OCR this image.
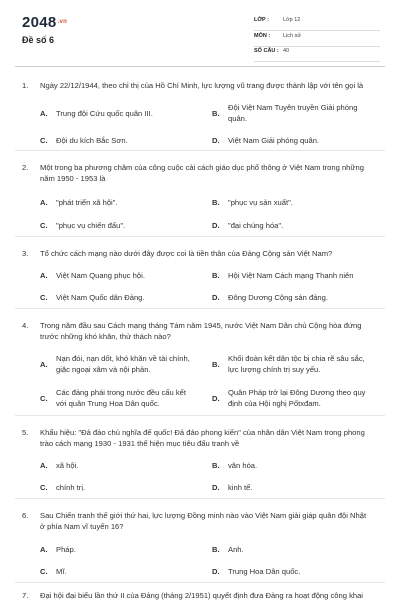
$2048^{.vn}$
Đề số 6
LỚP :	Lớp 12
MÔN : Lịch sử
SỐ CÂU : 40
1. Ngày 22/12/1944, theo chỉ thị của Hồ Chí Minh, lực lượng vũ trang được thành lập với tên gọi là
A. Trung đội Cứu quốc quân III.	B.
Đội Việt Nam Tuyên truyền Giải phóng quân.
C. Đội du kích Bắc Sơn.	D. Việt Nam Giải phóng quân.
2. Một trong ba phương châm của công cuộc cải cách giáo dục phổ thông ở Việt Nam trong những năm 1950 - 1953 là
A. "phát triển xã hội".	B. "phục vụ sản xuất".
C. "phục vụ chiến đấu".	D. "đại chúng hóa".
3. Tổ chức cách mạng nào dưới đây được coi là tiền thân của Đảng Cộng sản Việt Nam?
A. Việt Nam Quang phục hội.	B. Hội Việt Nam Cách mạng Thanh niên
C. Việt Nam Quốc dân Đảng.	D. Đông Dương Cộng sản đảng.
4. Trong năm đầu sau Cách mạng tháng Tám năm 1945, nước Việt Nam Dân chủ Cộng hòa đứng trước những khó khăn, thử thách nào?
A.
Nạn đói, nạn dốt, khó khăn về tài chính, giặc ngoại xâm và nội phản.
B.
Khối đoàn kết dân tộc bị chia rẽ sâu sắc, lực lượng chính trị suy yếu.
C.
Các đảng phái trong nước đều cấu kết với quân Trung Hoa Dân quốc.
D.
Quân Pháp trở lại Đông Dương theo quy định của Hội nghị Pốtxđam.
5. Khẩu hiệu: "Đả đảo chủ nghĩa đế quốc! Đả đảo phong kiến" của nhân dân Việt Nam trong phong trào cách mạng 1930 - 1931 thể hiện mục tiêu đấu tranh về
A. xã hội.	B. văn hóa.
C. chính trị.	D. kinh tế.
6. Sau Chiến tranh thế giới thứ hai, lực lượng Đồng minh nào vào Việt Nam giải giáp quân đội Nhật ở phía Nam vĩ tuyến 16?
A. Pháp.	B. Anh.
C. Mĩ.	D. Trung Hoa Dân quốc.
7. Đại hội đại biểu lần thứ II của Đảng (tháng 2/1951) quyết định đưa Đảng ra hoạt động công khai
